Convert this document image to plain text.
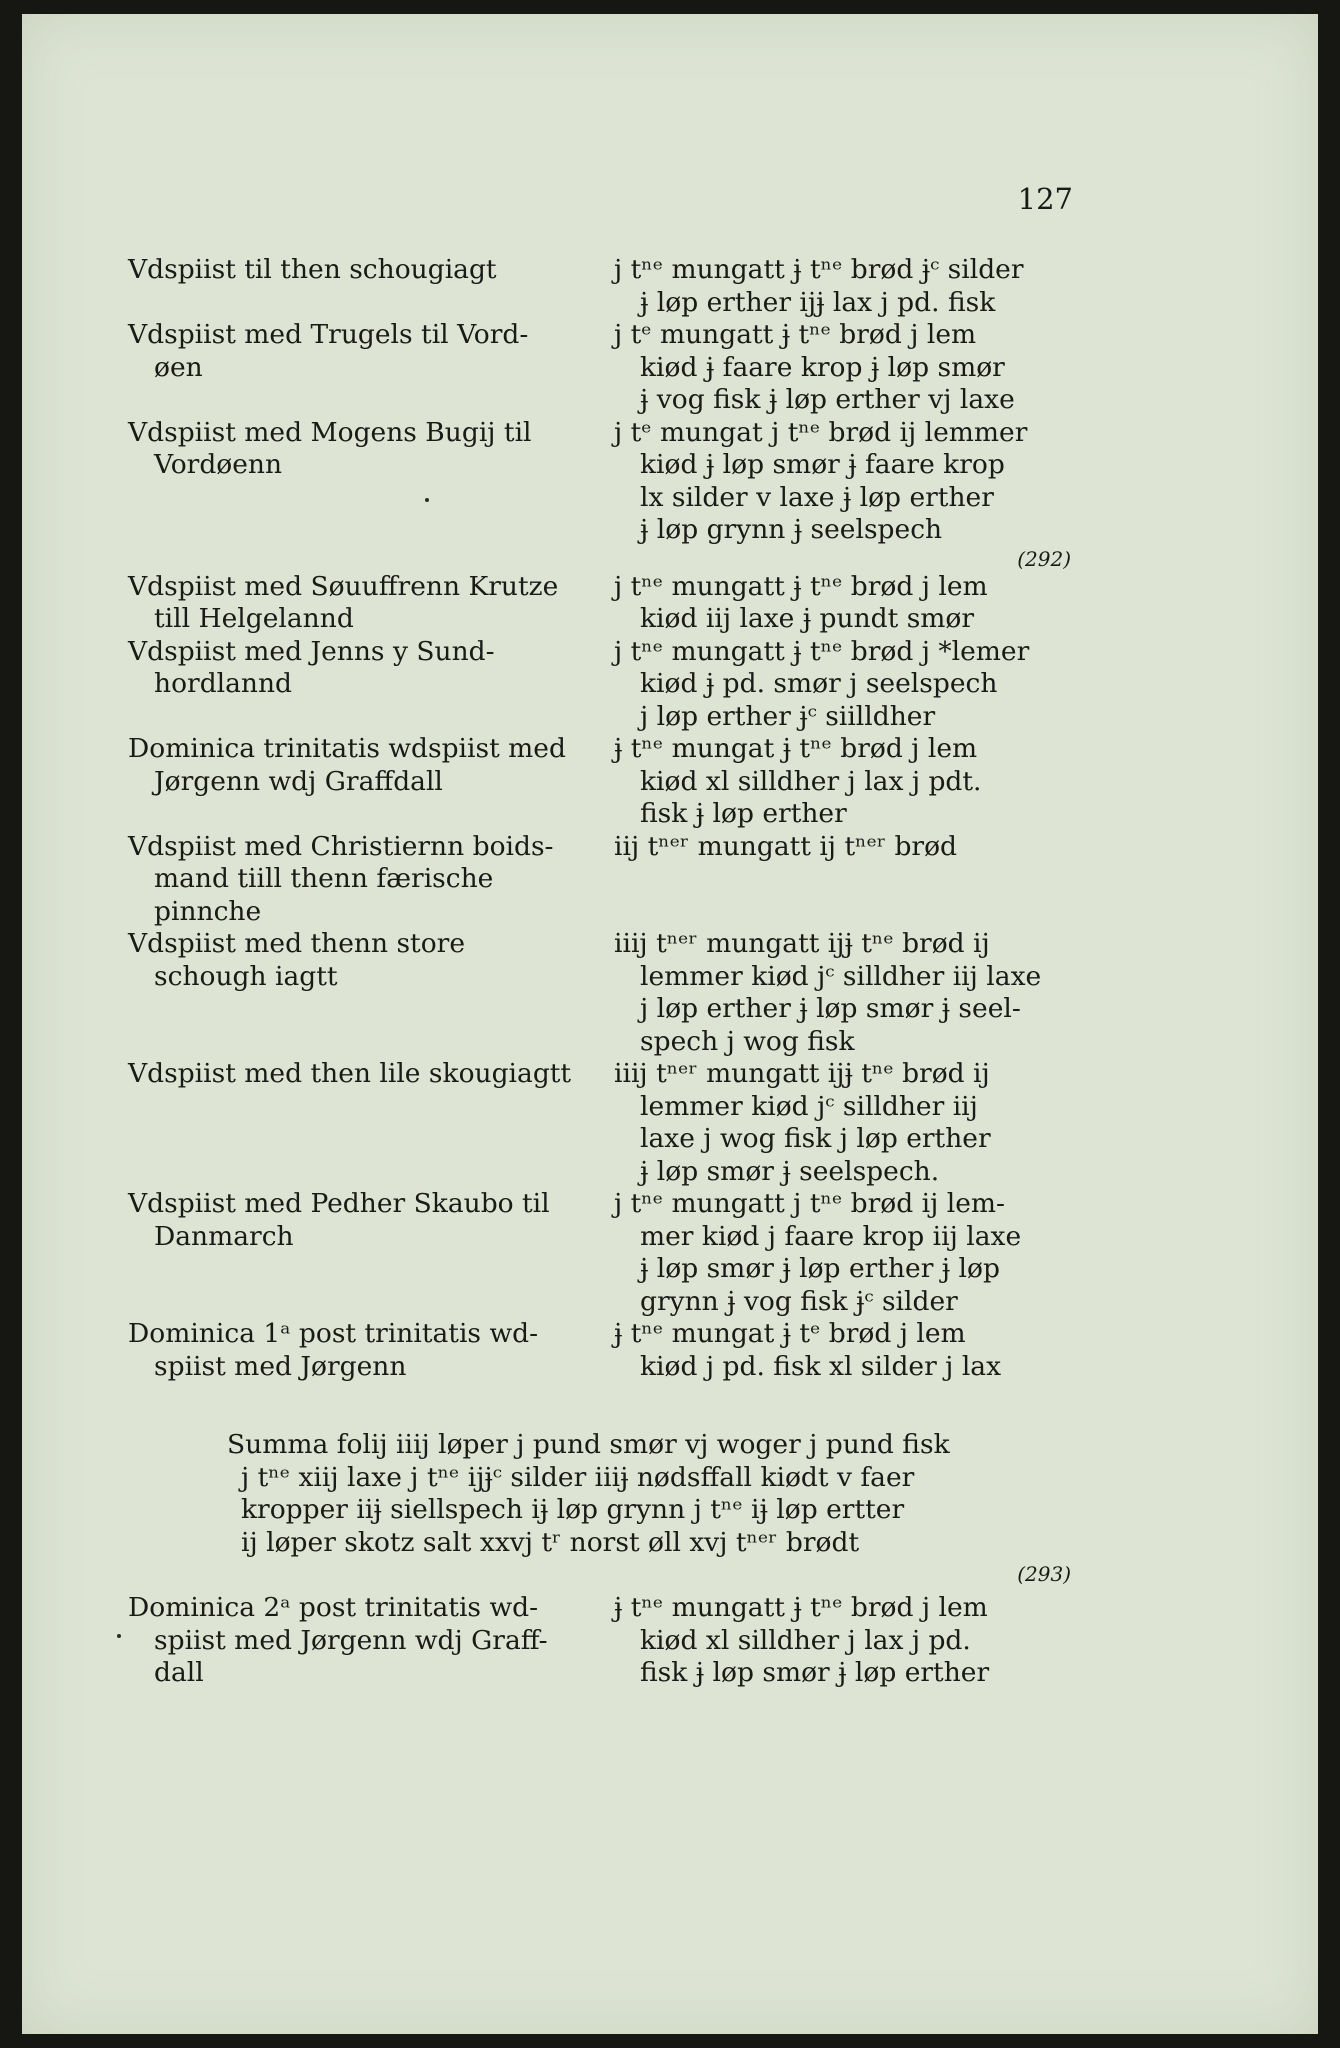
127
Vdspiist til then schougiagt	j tⁿᵉ mungatt ɉ tⁿᵉ brød ɉᶜ silder
ɉ løp erther ijɉ lax j pd. fisk
Vdspiist med Trugels til Vord-
øen
j tᵉ mungatt ɉ tⁿᵉ brød j lem
kiød ɉ faare krop ɉ løp smør
ɉ vog fisk ɉ løp erther vj laxe
Vdspiist med Mogens Bugij til
Vordøenn
j tᵉ mungat j tⁿᵉ brød ij lemmer
kiød ɉ løp smør ɉ faare krop
lx silder v laxe ɉ løp erther
ɉ løp grynn ɉ seelspech
(292)
Vdspiist med Søuuffrenn Krutze
till Helgelannd
j tⁿᵉ mungatt ɉ tⁿᵉ brød j lem
kiød iij laxe ɉ pundt smør
Vdspiist med Jenns y Sund-
hordlannd
j tⁿᵉ mungatt ɉ tⁿᵉ brød j *lemer
kiød ɉ pd. smør j seelspech
j løp erther ɉᶜ siilldher
Dominica trinitatis wdspiist med
Jørgenn wdj Graffdall
ɉ tⁿᵉ mungat ɉ tⁿᵉ brød j lem
kiød xl silldher j lax j pdt.
fisk ɉ løp erther
Vdspiist med Christiernn boids-
mand tiill thenn færische
pinnche
iij tⁿᵉʳ mungatt ij tⁿᵉʳ brød
Vdspiist med thenn store
schough iagtt
iiij tⁿᵉʳ mungatt ijɉ tⁿᵉ brød ij
lemmer kiød jᶜ silldher iij laxe
j løp erther ɉ løp smør ɉ seel-
spech j wog fisk
Vdspiist med then lile skougiagtt	iiij tⁿᵉʳ mungatt ijɉ tⁿᵉ brød ij
lemmer kiød jᶜ silldher iij
laxe j wog fisk j løp erther
ɉ løp smør ɉ seelspech.
Vdspiist med Pedher Skaubo til
Danmarch
j tⁿᵉ mungatt j tⁿᵉ brød ij lem-
mer kiød j faare krop iij laxe
ɉ løp smør ɉ løp erther ɉ løp
grynn ɉ vog fisk ɉᶜ silder
Dominica 1ᵃ post trinitatis wd-
spiist med Jørgenn
ɉ tⁿᵉ mungat ɉ tᵉ brød j lem
kiød j pd. fisk xl silder j lax
Summa folij iiij løper j pund smør vj woger j pund fisk
j tⁿᵉ xiij laxe j tⁿᵉ ijɉᶜ silder iiiɉ nødsffall kiødt v faer
kropper iiɉ siellspech iɉ løp grynn j tⁿᵉ iɉ løp ertter
ij løper skotz salt xxvj tʳ norst øll xvj tⁿᵉʳ brødt
(293)
Dominica 2ᵃ post trinitatis wd-
spiist med Jørgenn wdj Graff-
dall
ɉ tⁿᵉ mungatt ɉ tⁿᵉ brød j lem
kiød xl silldher j lax j pd.
fisk ɉ løp smør ɉ løp erther
